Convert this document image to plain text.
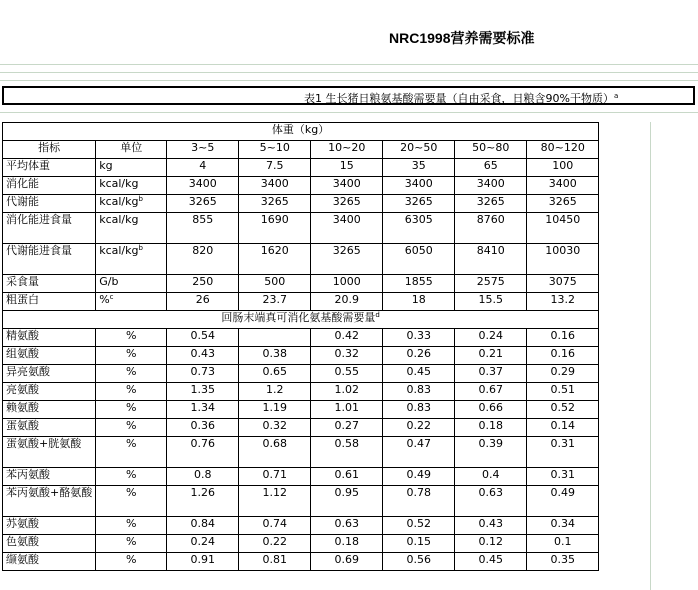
NRC1998营养需要标准
表1 生长猪日粮氨基酸需要量（自由采食，日粮含90%干物质）$^a$
体重（kg）							
指标	单位	3~5	5~10	10~20	20~50	50~80	80~120
平均体重	kg	4	7.5	15	35	65	100
消化能	kcal/kg	3400	3400	3400	3400	3400	3400
代谢能	kcal/$kg^b$	3265	3265	3265	3265	3265	3265
消化能进食量	kcal/kg	855	1690	3400	6305	8760	10450
代谢能进食量	kcal/$kg^b$	820	1620	3265	6050	8410	10030
采食量	G/b	250	500	1000	1855	2575	3075
粗蛋白	%$^c$	26	23.7	20.9	18	15.5	13.2
回肠末端真可消化氨基酸需要量$^d$
精氨酸	%	0.54		0.42	0.33	0.24	0.16
组氨酸	%	0.43	0.38	0.32	0.26	0.21	0.16
异亮氨酸	%	0.73	0.65	0.55	0.45	0.37	0.29
亮氨酸	%	1.35	1.2	1.02	0.83	0.67	0.51
赖氨酸	%	1.34	1.19	1.01	0.83	0.66	0.52
蛋氨酸	%	0.36	0.32	0.27	0.22	0.18	0.14
蛋氨酸+胱氨酸	%	0.76	0.68	0.58	0.47	0.39	0.31
苯丙氨酸	%	0.8	0.71	0.61	0.49	0.4	0.31
苯丙氨酸+酪氨酸	%	1.26	1.12	0.95	0.78	0.63	0.49
苏氨酸	%	0.84	0.74	0.63	0.52	0.43	0.34
色氨酸	%	0.24	0.22	0.18	0.15	0.12	0.1
缬氨酸	%	0.91	0.81	0.69	0.56	0.45	0.35
